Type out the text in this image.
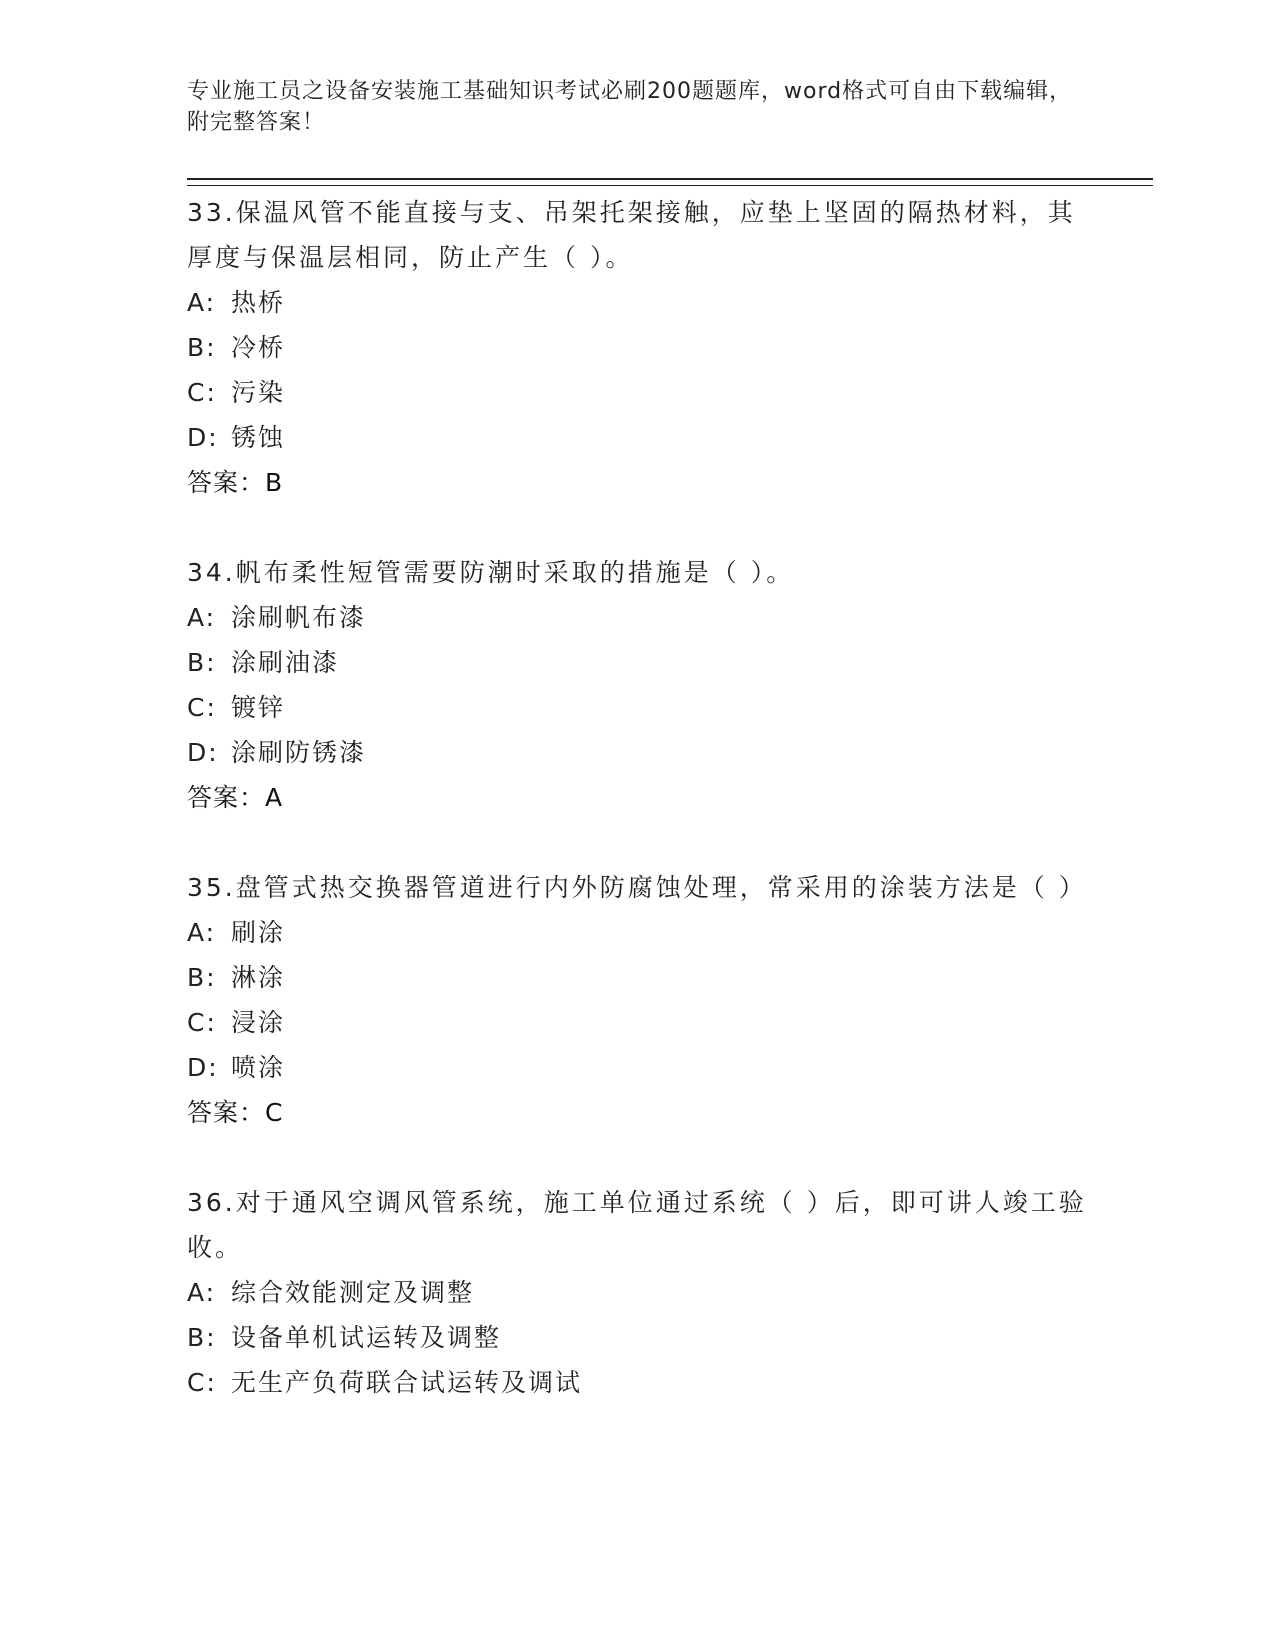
专业施工员之设备安装施工基础知识考试必刷200题题库，word格式可自由下载编辑，附完整答案！
33.保温风管不能直接与支、吊架托架接触，应垫上坚固的隔热材料，其厚度与保温层相同，防止产生（ ）。
A: 热桥
B: 冷桥
C: 污染
D: 锈蚀
答案：B
34.帆布柔性短管需要防潮时采取的措施是（ ）。
A: 涂刷帆布漆
B: 涂刷油漆
C: 镀锌
D: 涂刷防锈漆
答案：A
35.盘管式热交换器管道进行内外防腐蚀处理，常采用的涂装方法是（ ）
A: 刷涂
B: 淋涂
C: 浸涂
D: 喷涂
答案：C
36.对于通风空调风管系统，施工单位通过系统（ ）后，即可讲人竣工验收。
A: 综合效能测定及调整
B: 设备单机试运转及调整
C: 无生产负荷联合试运转及调试
